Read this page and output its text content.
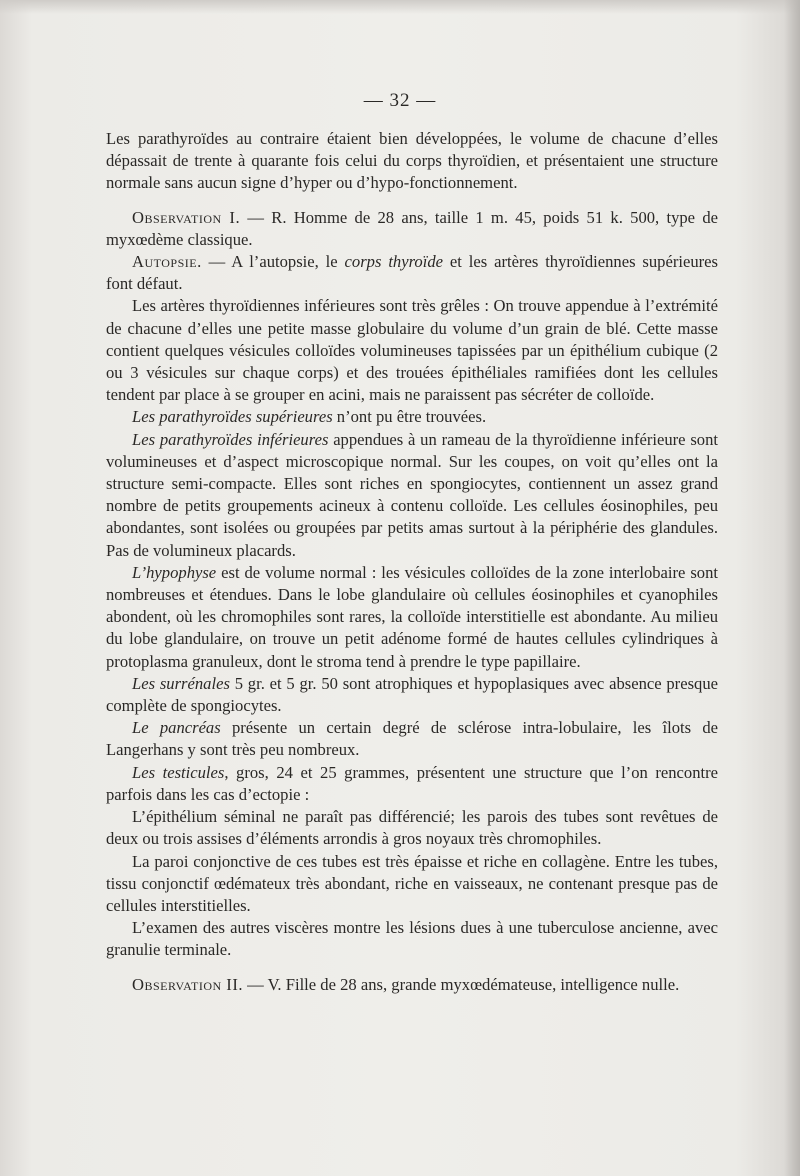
— 32 —

Les parathyroïdes au contraire étaient bien développées, le volume de chacune d’elles dépassait de trente à quarante fois celui du corps thyroïdien, et présentaient une structure normale sans aucun signe d’hyper ou d’hypo-fonctionnement.

Observation I. — R. Homme de 28 ans, taille 1 m. 45, poids 51 k. 500, type de myxœdème classique.

Autopsie. — A l’autopsie, le corps thyroïde et les artères thyroïdiennes supérieures font défaut.

Les artères thyroïdiennes inférieures sont très grêles : On trouve appendue à l’extrémité de chacune d’elles une petite masse globulaire du volume d’un grain de blé. Cette masse contient quelques vésicules colloïdes volumineuses tapissées par un épithélium cubique (2 ou 3 vésicules sur chaque corps) et des trouées épithéliales ramifiées dont les cellules tendent par place à se grouper en acini, mais ne paraissent pas sécréter de colloïde.

Les parathyroïdes supérieures n’ont pu être trouvées.

Les parathyroïdes inférieures appendues à un rameau de la thyroïdienne inférieure sont volumineuses et d’aspect microscopique normal. Sur les coupes, on voit qu’elles ont la structure semi-compacte. Elles sont riches en spongiocytes, contiennent un assez grand nombre de petits groupements acineux à contenu colloïde. Les cellules éosinophiles, peu abondantes, sont isolées ou groupées par petits amas surtout à la périphérie des glandules. Pas de volumineux placards.

L’hypophyse est de volume normal : les vésicules colloïdes de la zone interlobaire sont nombreuses et étendues. Dans le lobe glandulaire où cellules éosinophiles et cyanophiles abondent, où les chromophiles sont rares, la colloïde interstitielle est abondante. Au milieu du lobe glandulaire, on trouve un petit adénome formé de hautes cellules cylindriques à protoplasma granuleux, dont le stroma tend à prendre le type papillaire.

Les surrénales 5 gr. et 5 gr. 50 sont atrophiques et hypoplasiques avec absence presque complète de spongiocytes.

Le pancréas présente un certain degré de sclérose intra-lobulaire, les îlots de Langerhans y sont très peu nombreux.

Les testicules, gros, 24 et 25 grammes, présentent une structure que l’on rencontre parfois dans les cas d’ectopie :

L’épithélium séminal ne paraît pas différencié; les parois des tubes sont revêtues de deux ou trois assises d’éléments arrondis à gros noyaux très chromophiles.

La paroi conjonctive de ces tubes est très épaisse et riche en collagène. Entre les tubes, tissu conjonctif œdémateux très abondant, riche en vaisseaux, ne contenant presque pas de cellules interstitielles.

L’examen des autres viscères montre les lésions dues à une tuberculose ancienne, avec granulie terminale.

Observation II. — V. Fille de 28 ans, grande myxœdémateuse, intelligence nulle.
